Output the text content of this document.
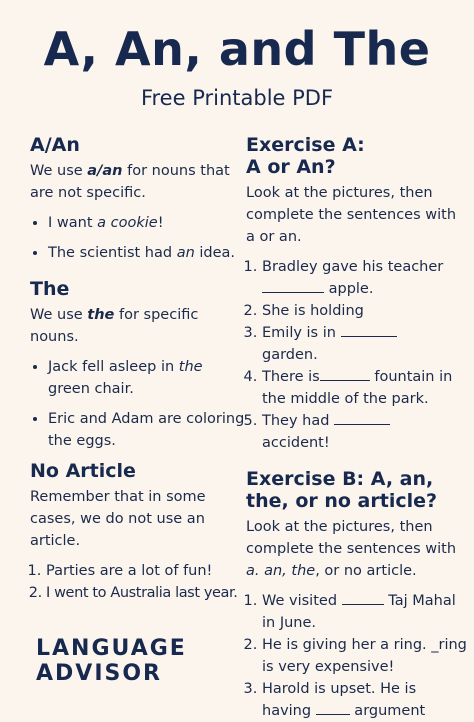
A, An, and The
Free Printable PDF
A/An

We use a/an for nouns that are not specific.

• I want a cookie!
• The scientist had an idea.
The

We use the for specific nouns.

• Jack fell asleep in the green chair.
• Eric and Adam are coloring the eggs.
No Article

Remember that in some cases, we do not use an article.

1. Parties are a lot of fun!
2. I went to Australia last year.
Exercise A: A or An?

Look at the pictures, then complete the sentences with a or an.

1. Bradley gave his teacher  apple.
2. She is holding
3. Emily is in
garden.
4. There is	fountain in the middle of the park.
5. They had
accident!
Exercise B: A, an, the, or no article?

Look at the pictures, then complete the sentences with a. an, the, or no article.

1. We visited	Taj Mahal in June.
2. He is giving her a ring. _ring is very expensive!
3. Harold is upset. He is having  argument
LANGUAGE
ADVISOR
